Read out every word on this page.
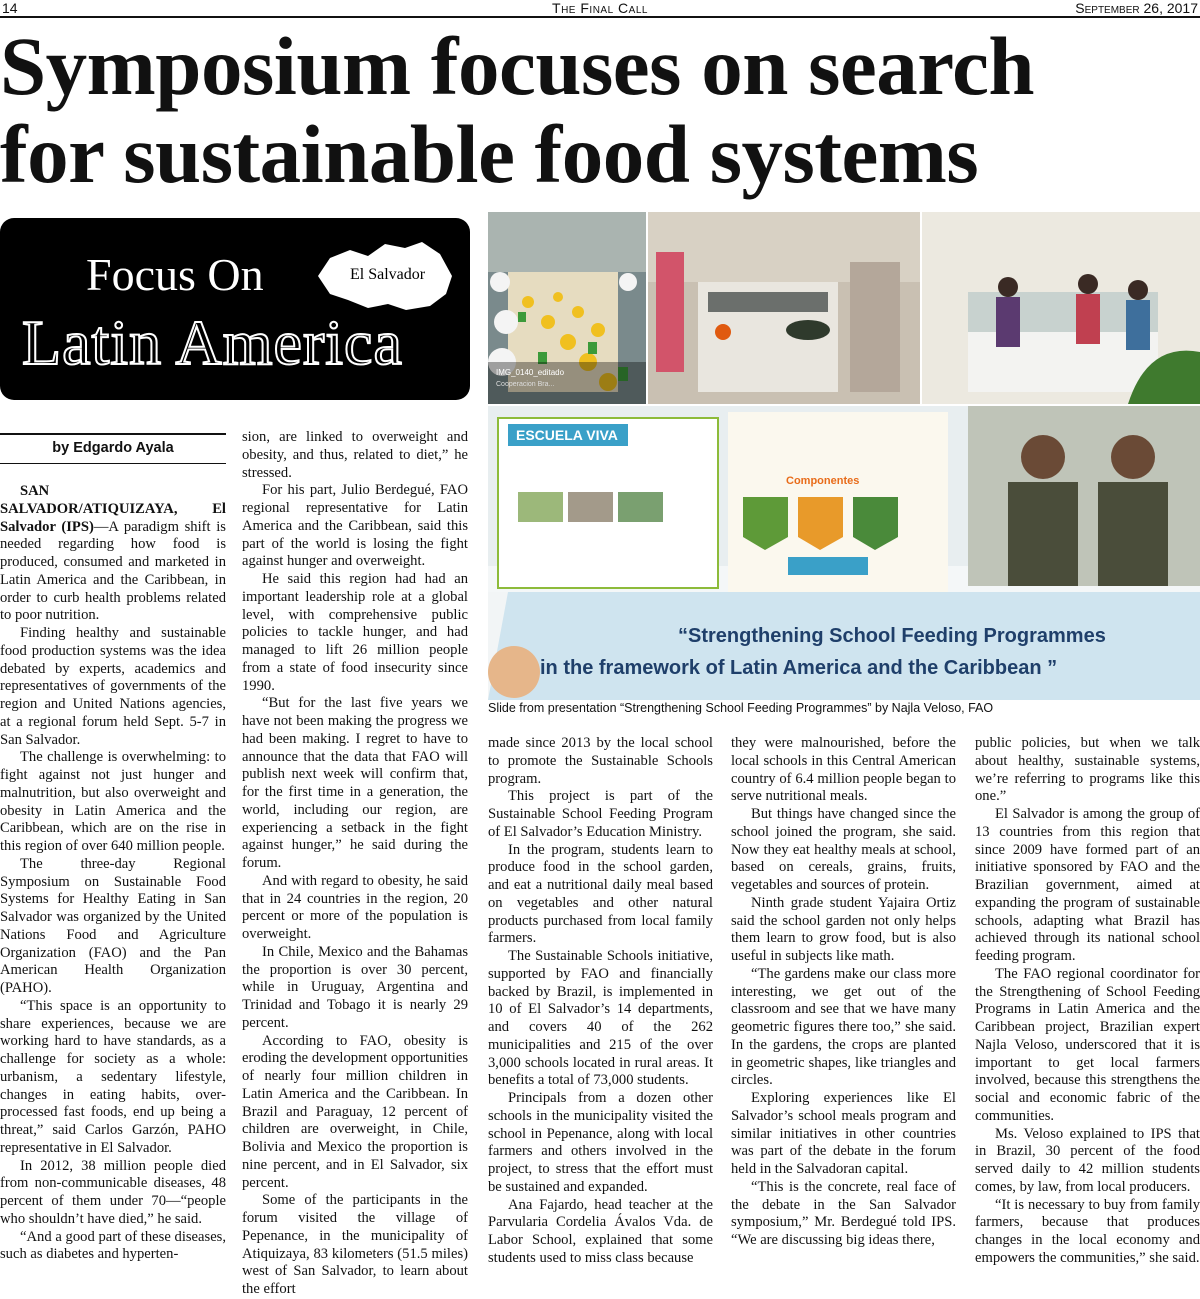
14	The Final Call	September 26, 2017
Symposium focuses on search
for sustainable food systems
El Salvador
Focus On
Latin America	IMG_0140_editado
Cooperacion Bra...
ESCUELA VIVA
Componentes
“Strengthening School Feeding Programmes
in the framework of Latin America and the Caribbean ”
Slide from presentation “Strengthening School Feeding Programmes” by Najla Veloso, FAO
by Edgardo Ayala

SAN SALVADOR/ATIQUIZAYA, El Salvador (IPS)—A paradigm shift is needed regarding how food is produced, consumed and marketed in Latin America and the Caribbean, in order to curb health problems related to poor nutrition.

Finding healthy and sustainable food production systems was the idea debated by experts, academics and representatives of governments of the region and United Nations agencies, at a regional forum held Sept. 5-7 in San Salvador.

The challenge is overwhelming: to fight against not just hunger and malnutrition, but also overweight and obesity in Latin America and the Caribbean, which are on the rise in this region of over 640 million people.

The three-day Regional Symposium on Sustainable Food Systems for Healthy Eating in San Salvador was organized by the United Nations Food and Agriculture Organization (FAO) and the Pan American Health Organization (PAHO).

“This space is an opportunity to share experiences, because we are working hard to have standards, as a challenge for society as a whole: urbanism, a sedentary lifestyle, changes in eating habits, over-processed fast foods, end up being a threat,” said Carlos Garzón, PAHO representative in El Salvador.

In 2012, 38 million people died from non-communicable diseases, 48 percent of them under 70—“people who shouldn’t have died,” he said.

“And a good part of these diseases, such as diabetes and hyperten-

sion, are linked to overweight and obesity, and thus, related to diet,” he stressed.

For his part, Julio Berdegué, FAO regional representative for Latin America and the Caribbean, said this part of the world is losing the fight against hunger and overweight.

He said this region had had an important leadership role at a global level, with comprehensive public policies to tackle hunger, and had managed to lift 26 million people from a state of food insecurity since 1990.

“But for the last five years we have not been making the progress we had been making. I regret to have to announce that the data that FAO will publish next week will confirm that, for the first time in a generation, the world, including our region, are experiencing a setback in the fight against hunger,” he said during the forum.

And with regard to obesity, he said that in 24 countries in the region, 20 percent or more of the population is overweight.

In Chile, Mexico and the Bahamas the proportion is over 30 percent, while in Uruguay, Argentina and Trinidad and Tobago it is nearly 29 percent.

According to FAO, obesity is eroding the development opportunities of nearly four million children in Latin America and the Caribbean. In Brazil and Paraguay, 12 percent of children are overweight, in Chile, Bolivia and Mexico the proportion is nine percent, and in El Salvador, six percent.

Some of the participants in the forum visited the village of Pepenance, in the municipality of Atiquizaya, 83 kilometers (51.5 miles) west of San Salvador, to learn about the effort

made since 2013 by the local school to promote the Sustainable Schools program.

This project is part of the Sustainable School Feeding Program of El Salvador’s Education Ministry.

In the program, students learn to produce food in the school garden, and eat a nutritional daily meal based on vegetables and other natural products purchased from local family farmers.

The Sustainable Schools initiative, supported by FAO and financially backed by Brazil, is implemented in 10 of El Salvador’s 14 departments, and covers 40 of the 262 municipalities and 215 of the over 3,000 schools located in rural areas. It benefits a total of 73,000 students.

Principals from a dozen other schools in the municipality visited the school in Pepenance, along with local farmers and others involved in the project, to stress that the effort must be sustained and expanded.

Ana Fajardo, head teacher at the Parvularia Cordelia Ávalos Vda. de Labor School, explained that some students used to miss class because

they were malnourished, before the local schools in this Central American country of 6.4 million people began to serve nutritional meals.

But things have changed since the school joined the program, she said. Now they eat healthy meals at school, based on cereals, grains, fruits, vegetables and sources of protein.

Ninth grade student Yajaira Ortiz said the school garden not only helps them learn to grow food, but is also useful in subjects like math.

“The gardens make our class more interesting, we get out of the classroom and see that we have many geometric figures there too,” she said. In the gardens, the crops are planted in geometric shapes, like triangles and circles.

Exploring experiences like El Salvador’s school meals program and similar initiatives in other countries was part of the debate in the forum held in the Salvadoran capital.

“This is the concrete, real face of the debate in the San Salvador symposium,” Mr. Berdegué told IPS. “We are discussing big ideas there,

public policies, but when we talk about healthy, sustainable systems, we’re referring to programs like this one.”

El Salvador is among the group of 13 countries from this region that since 2009 have formed part of an initiative sponsored by FAO and the Brazilian government, aimed at expanding the program of sustainable schools, adapting what Brazil has achieved through its national school feeding program.

The FAO regional coordinator for the Strengthening of School Feeding Programs in Latin America and the Caribbean project, Brazilian expert Najla Veloso, underscored that it is important to get local farmers involved, because this strengthens the social and economic fabric of the communities.

Ms. Veloso explained to IPS that in Brazil, 30 percent of the food served daily to 42 million students comes, by law, from local producers.

“It is necessary to buy from family farmers, because that produces changes in the local economy and empowers the communities,” she said.
